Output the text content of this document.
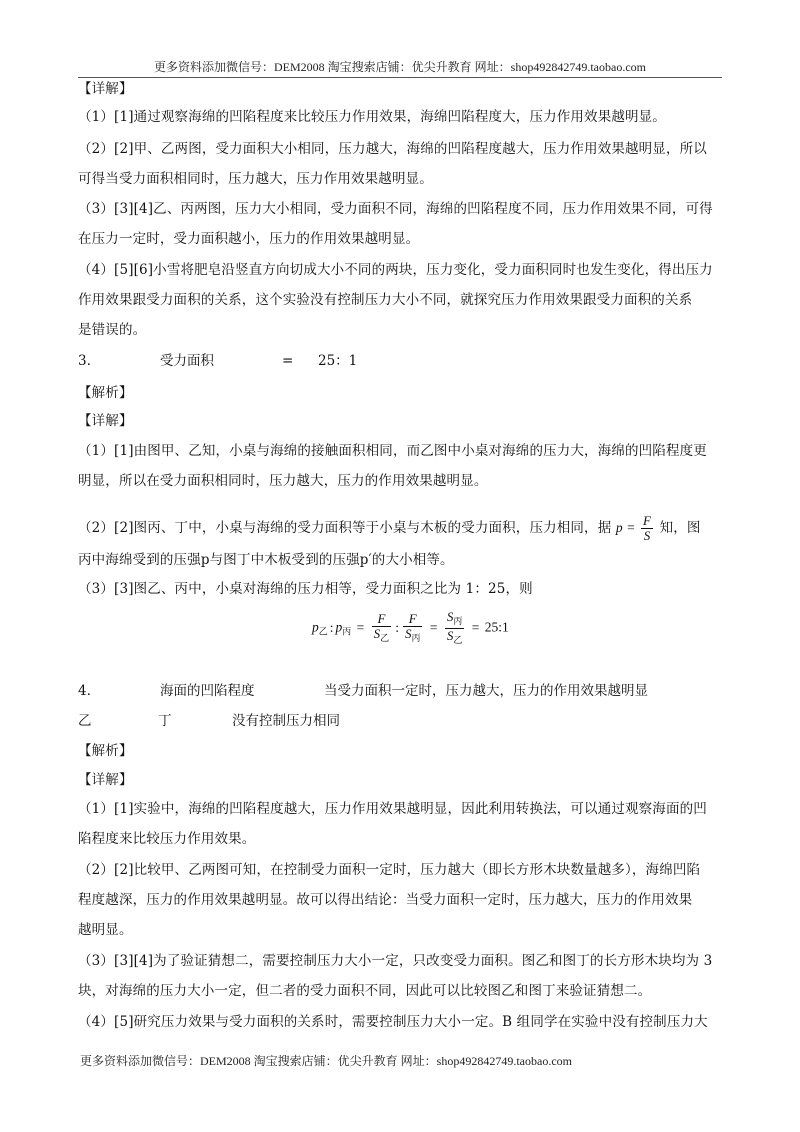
更多资料添加微信号：DEM2008 淘宝搜索店铺：优尖升教育 网址：shop492842749.taobao.com
【详解】
（1）[1]通过观察海绵的凹陷程度来比较压力作用效果，海绵凹陷程度大，压力作用效果越明显。
（2）[2]甲、乙两图，受力面积大小相同，压力越大，海绵的凹陷程度越大，压力作用效果越明显，所以
可得当受力面积相同时，压力越大，压力作用效果越明显。
（3）[3][4]乙、丙两图，压力大小相同，受力面积不同，海绵的凹陷程度不同，压力作用效果不同，可得
在压力一定时，受力面积越小，压力的作用效果越明显。
（4）[5][6]小雪将肥皂沿竖直方向切成大小不同的两块，压力变化，受力面积同时也发生变化，得出压力
作用效果跟受力面积的关系，这个实验没有控制压力大小不同，就探究压力作用效果跟受力面积的关系
是错误的。
3．	受力面积	= 25：1
【解析】
【详解】
（1）[1]由图甲、乙知，小桌与海绵的接触面积相同，而乙图中小桌对海绵的压力大，海绵的凹陷程度更
明显，所以在受力面积相同时，压力越大，压力的作用效果越明显。
（2）[2]图丙、丁中，小桌与海绵的受力面积等于小桌与木板的受力面积，压力相同，据 $p = \frac{F}{S}$ 知，图
丙中海绵受到的压强p与图丁中木板受到的压强p′的大小相等。
（3）[3]图乙、丙中，小桌对海绵的压力相等，受力面积之比为 1：25，则
$p_乙$ : $p_丙 = \frac{F}{S_乙}$ : $\frac{F}{S_丙} = \frac{S_丙}{S_乙}$ = 25:1
4．	海面的凹陷程度	当受力面积一定时，压力越大，压力的作用效果越明显
乙	丁	没有控制压力相同
【解析】
【详解】
（1）[1]实验中，海绵的凹陷程度越大，压力作用效果越明显，因此利用转换法，可以通过观察海面的凹
陷程度来比较压力作用效果。
（2）[2]比较甲、乙两图可知，在控制受力面积一定时，压力越大（即长方形木块数量越多），海绵凹陷
程度越深，压力的作用效果越明显。故可以得出结论：当受力面积一定时，压力越大，压力的作用效果
越明显。
（3）[3][4]为了验证猜想二，需要控制压力大小一定，只改变受力面积。图乙和图丁的长方形木块均为 3
块，对海绵的压力大小一定，但二者的受力面积不同，因此可以比较图乙和图丁来验证猜想二。
（4）[5]研究压力效果与受力面积的关系时，需要控制压力大小一定。B 组同学在实验中没有控制压力大
更多资料添加微信号：DEM2008 淘宝搜索店铺：优尖升教育 网址：shop492842749.taobao.com
